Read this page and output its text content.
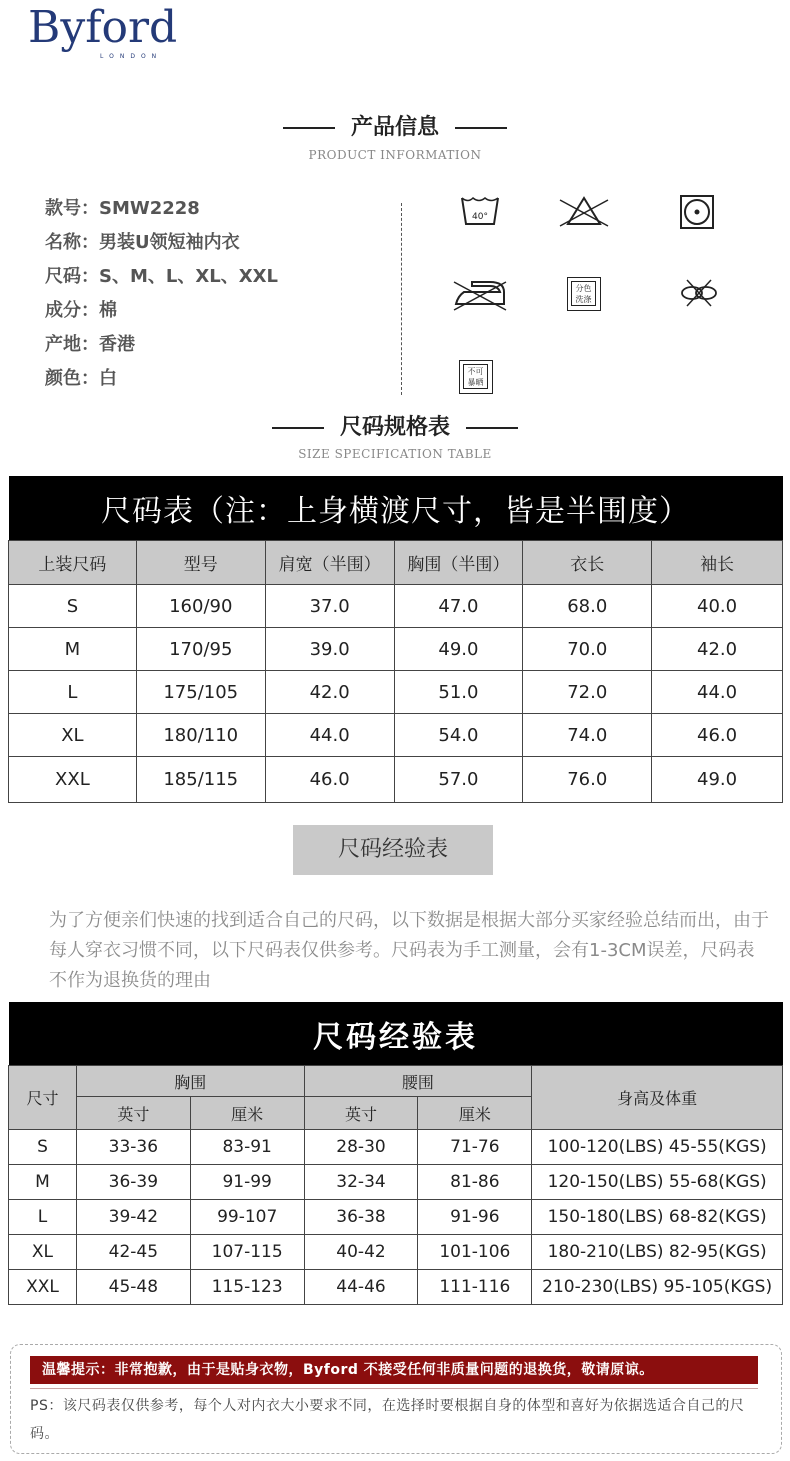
Byford
LONDON
产品信息
PRODUCT INFORMATION
款号：SMW2228
名称：男装U领短袖内衣
尺码：S、M、L、XL、XXL
成分：棉
产地：香港
颜色：白
40°
分色
洗涤
不可
暴晒
尺码规格表
SIZE SPECIFICATION TABLE
尺码表（注：上身横渡尺寸，皆是半围度）					
上装尺码	型号	肩宽（半围）	胸围（半围）	衣长	袖长
S	160/90	37.0	47.0	68.0	40.0
M	170/95	39.0	49.0	70.0	42.0
L	175/105	42.0	51.0	72.0	44.0
XL	180/110	44.0	54.0	74.0	46.0
XXL	185/115	46.0	57.0	76.0	49.0
尺码经验表
为了方便亲们快速的找到适合自己的尺码，以下数据是根据大部分买家经验总结而出，由于每人穿衣习惯不同，以下尺码表仅供参考。尺码表为手工测量，会有1-3CM误差，尺码表不作为退换货的理由
尺码经验表					
尺寸	胸围		腰围		身高及体重
	英寸	厘米	英寸	厘米	
S	33-36	83-91	28-30	71-76	100-120(LBS) 45-55(KGS)
M	36-39	91-99	32-34	81-86	120-150(LBS) 55-68(KGS)
L	39-42	99-107	36-38	91-96	150-180(LBS) 68-82(KGS)
XL	42-45	107-115	40-42	101-106	180-210(LBS) 82-95(KGS)
XXL	45-48	115-123	44-46	111-116	210-230(LBS) 95-105(KGS)
温馨提示：非常抱歉，由于是贴身衣物，Byford 不接受任何非质量问题的退换货，敬请原谅。
PS：该尺码表仅供参考，每个人对内衣大小要求不同，在选择时要根据自身的体型和喜好为依据选适合自己的尺码。
